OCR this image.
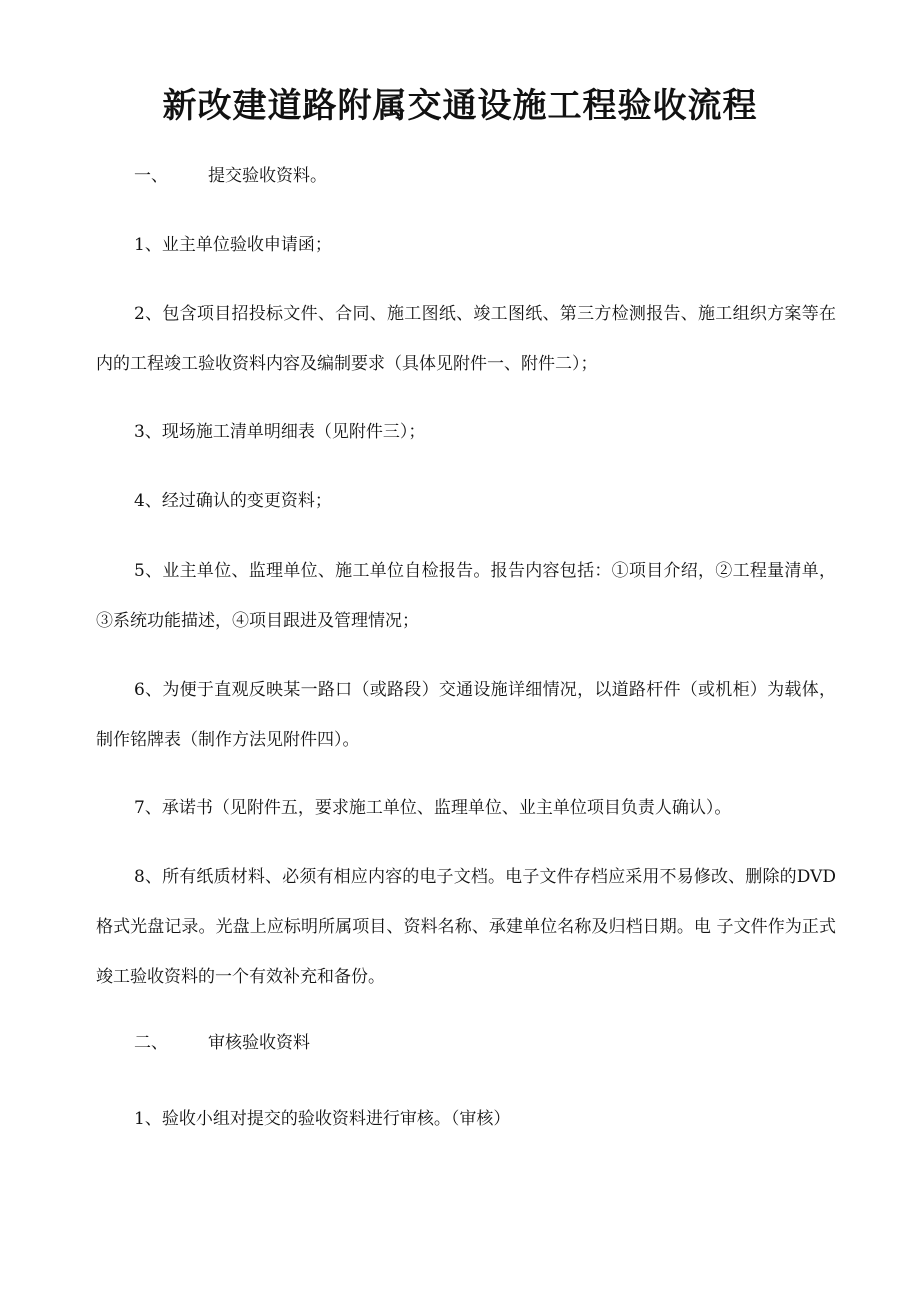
新改建道路附属交通设施工程验收流程
一、 提交验收资料。

1、业主单位验收申请函；

2、包含项目招投标文件、合同、施工图纸、竣工图纸、第三方检测报告、施工组织方案等在内的工程竣工验收资料内容及编制要求（具体见附件一、附件二）；

3、现场施工清单明细表（见附件三）；

4、经过确认的变更资料；

5、业主单位、监理单位、施工单位自检报告。报告内容包括：①项目介绍，②工程量清单，③系统功能描述，④项目跟进及管理情况；

6、为便于直观反映某一路口（或路段）交通设施详细情况，以道路杆件（或机柜）为载体，制作铭牌表（制作方法见附件四）。

7、承诺书（见附件五，要求施工单位、监理单位、业主单位项目负责人确认）。

8、所有纸质材料、必须有相应内容的电子文档。电子文件存档应采用不易修改、删除的DVD格式光盘记录。光盘上应标明所属项目、资料名称、承建单位名称及归档日期。电 子文件作为正式竣工验收资料的一个有效补充和备份。

二、 审核验收资料

1、验收小组对提交的验收资料进行审核。（审核）
